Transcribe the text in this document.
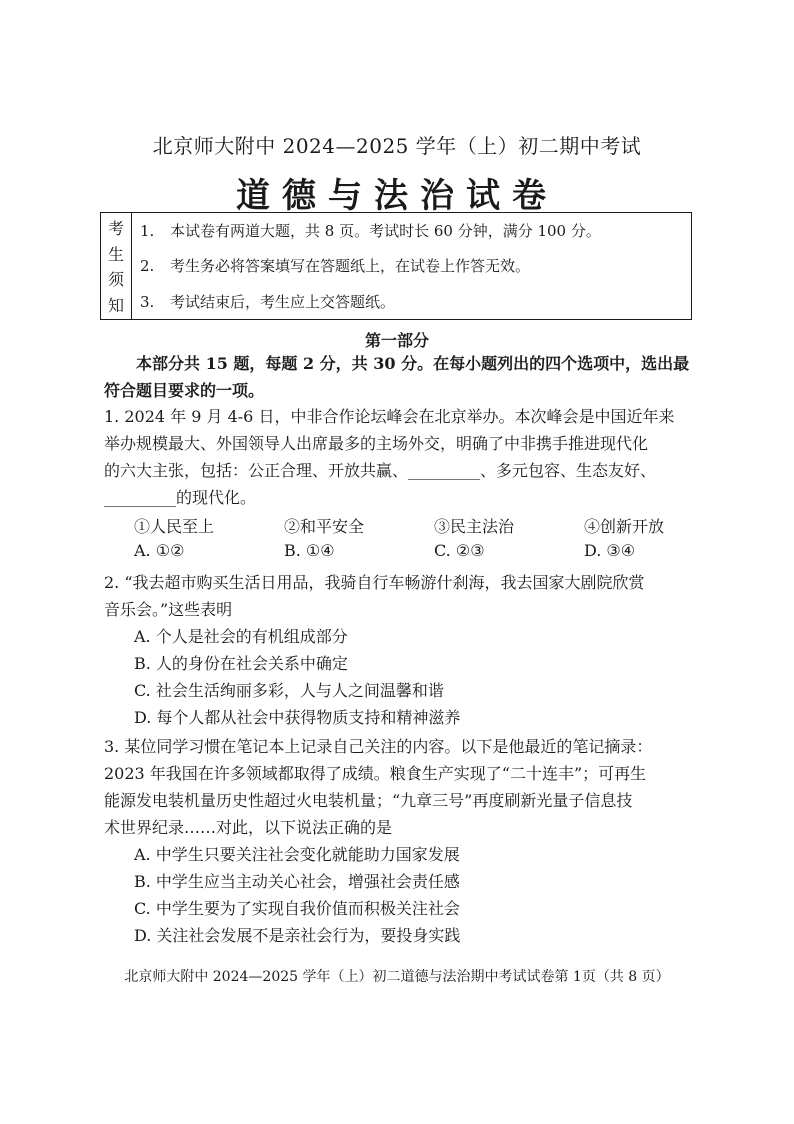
北京师大附中 2024—2025 学年（上）初二期中考试
道德与法治试卷
考
生
须
知
1. 本试卷有两道大题，共 8 页。考试时长 60 分钟，满分 100 分。
2. 考生务必将答案填写在答题纸上，在试卷上作答无效。
3. 考试结束后，考生应上交答题纸。
第一部分
本部分共 15 题，每题 2 分，共 30 分。在每小题列出的四个选项中，选出最符合题目要求的一项。
1. 2024 年 9 月 4-6 日，中非合作论坛峰会在北京举办。本次峰会是中国近年来
举办规模最大、外国领导人出席最多的主场外交，明确了中非携手推进现代化
的六大主张，包括：公正合理、开放共赢、_________、多元包容、生态友好、
_________的现代化。
①人民至上	②和平安全	③民主法治	④创新开放
A. ①②	B. ①④	C. ②③	D. ③④
2. “我去超市购买生活日用品，我骑自行车畅游什刹海，我去国家大剧院欣赏
音乐会。”这些表明
A. 个人是社会的有机组成部分
B. 人的身份在社会关系中确定
C. 社会生活绚丽多彩，人与人之间温馨和谐
D. 每个人都从社会中获得物质支持和精神滋养
3. 某位同学习惯在笔记本上记录自己关注的内容。以下是他最近的笔记摘录：
2023 年我国在许多领域都取得了成绩。粮食生产实现了“二十连丰”；可再生
能源发电装机量历史性超过火电装机量；“九章三号”再度刷新光量子信息技
术世界纪录……对此，以下说法正确的是
A. 中学生只要关注社会变化就能助力国家发展
B. 中学生应当主动关心社会，增强社会责任感
C. 中学生要为了实现自我价值而积极关注社会
D. 关注社会发展不是亲社会行为，要投身实践
北京师大附中 2024—2025 学年（上）初二道德与法治期中考试试卷第 1页（共 8 页）
